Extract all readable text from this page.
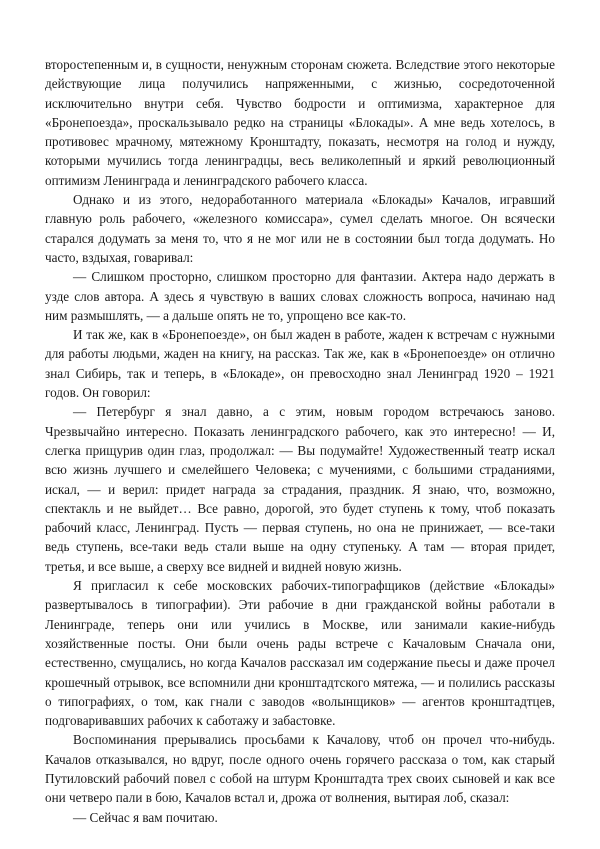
второстепенным и, в сущности, ненужным сторонам сюжета. Вследствие этого некоторые действующие лица получились напряженными, с жизнью, сосредоточенной исключительно внутри себя. Чувство бодрости и оптимизма, характерное для «Бронепоезда», проскальзывало редко на страницы «Блокады». А мне ведь хотелось, в противовес мрачному, мятежному Кронштадту, показать, несмотря на голод и нужду, которыми мучились тогда ленинградцы, весь великолепный и яркий революционный оптимизм Ленинграда и ленинградского рабочего класса.

Однако и из этого, недоработанного материала «Блокады» Качалов, игравший главную роль рабочего, «железного комиссара», сумел сделать многое. Он всячески старался додумать за меня то, что я не мог или не в состоянии был тогда додумать. Но часто, вздыхая, говаривал:

— Слишком просторно, слишком просторно для фантазии. Актера надо держать в узде слов автора. А здесь я чувствую в ваших словах сложность вопроса, начинаю над ним размышлять, — а дальше опять не то, упрощено все как-то.

И так же, как в «Бронепоезде», он был жаден в работе, жаден к встречам с нужными для работы людьми, жаден на книгу, на рассказ. Так же, как в «Бронепоезде» он отлично знал Сибирь, так и теперь, в «Блокаде», он превосходно знал Ленинград 1920 – 1921 годов. Он говорил:

— Петербург я знал давно, а с этим, новым городом встречаюсь заново. Чрезвычайно интересно. Показать ленинградского рабочего, как это интересно! — И, слегка прищурив один глаз, продолжал: — Вы подумайте! Художественный театр искал всю жизнь лучшего и смелейшего Человека; с мучениями, с большими страданиями, искал, — и верил: придет награда за страдания, праздник. Я знаю, что, возможно, спектакль и не выйдет… Все равно, дорогой, это будет ступень к тому, чтоб показать рабочий класс, Ленинград. Пусть — первая ступень, но она не принижает, — все-таки ведь ступень, все-таки ведь стали выше на одну ступеньку. А там — вторая придет, третья, и все выше, а сверху все видней и видней новую жизнь.

Я пригласил к себе московских рабочих-типографщиков (действие «Блокады» развертывалось в типографии). Эти рабочие в дни гражданской войны работали в Ленинграде, теперь они или учились в Москве, или занимали какие-нибудь хозяйственные посты. Они были очень рады встрече с Качаловым Сначала они, естественно, смущались, но когда Качалов рассказал им содержание пьесы и даже прочел крошечный отрывок, все вспомнили дни кронштадтского мятежа, — и полились рассказы о типографиях, о том, как гнали с заводов «волынщиков» — агентов кронштадтцев, подговаривавших рабочих к саботажу и забастовке.

Воспоминания прерывались просьбами к Качалову, чтоб он прочел что-нибудь. Качалов отказывался, но вдруг, после одного очень горячего рассказа о том, как старый Путиловский рабочий повел с собой на штурм Кронштадта трех своих сыновей и как все они четверо пали в бою, Качалов встал и, дрожа от волнения, вытирая лоб, сказал:

— Сейчас я вам почитаю.
